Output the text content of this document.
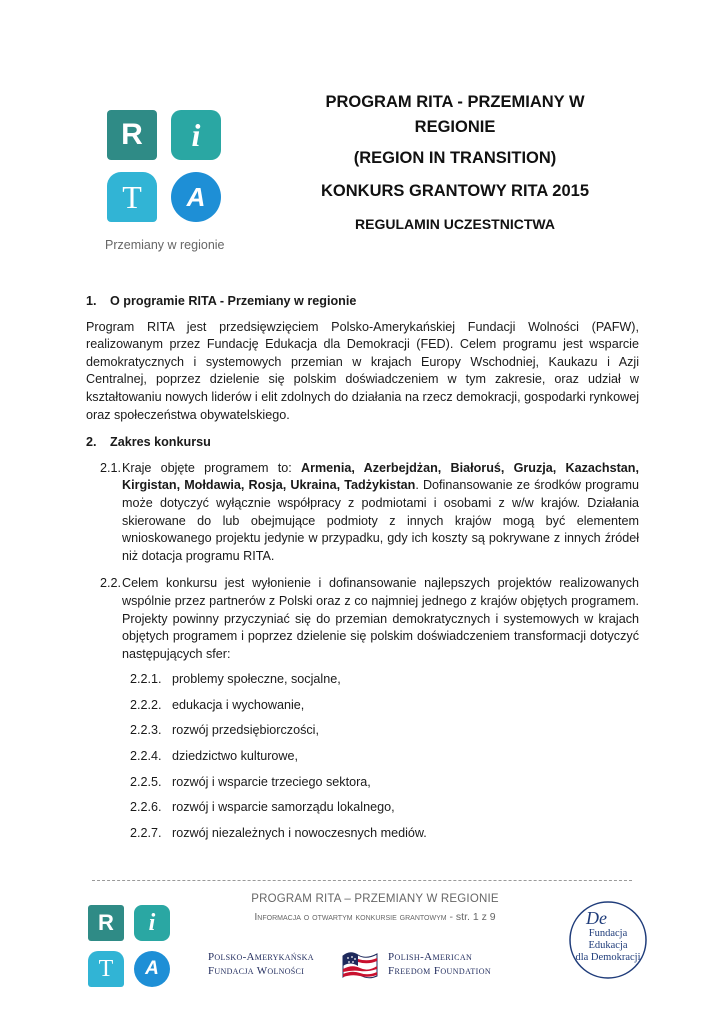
R	i
T	A
Przemiany w regionie
PROGRAM RITA - PRZEMIANY W REGIONIE
(REGION IN TRANSITION)
KONKURS GRANTOWY RITA 2015
REGULAMIN UCZESTNICTWA

1. O programie RITA - Przemiany w regionie

Program RITA jest przedsięwzięciem Polsko-Amerykańskiej Fundacji Wolności (PAFW), realizowanym przez Fundację Edukacja dla Demokracji (FED). Celem programu jest wsparcie demokratycznych i systemowych przemian w krajach Europy Wschodniej, Kaukazu i Azji Centralnej, poprzez dzielenie się polskim doświadczeniem w tym zakresie, oraz udział w kształtowaniu nowych liderów i elit zdolnych do działania na rzecz demokracji, gospodarki rynkowej oraz społeczeństwa obywatelskiego.

2. Zakres konkursu

2.1. Kraje objęte programem to: Armenia, Azerbejdżan, Białoruś, Gruzja, Kazachstan, Kirgistan, Mołdawia, Rosja, Ukraina, Tadżykistan. Dofinansowanie ze środków programu może dotyczyć wyłącznie współpracy z podmiotami i osobami z w/w krajów. Działania skierowane do lub obejmujące podmioty z innych krajów mogą być elementem wnioskowanego projektu jedynie w przypadku, gdy ich koszty są pokrywane z innych źródeł niż dotacja programu RITA.
2.2. Celem konkursu jest wyłonienie i dofinansowanie najlepszych projektów realizowanych wspólnie przez partnerów z Polski oraz z co najmniej jednego z krajów objętych programem. Projekty powinny przyczyniać się do przemian demokratycznych i systemowych w krajach objętych programem i poprzez dzielenie się polskim doświadczeniem transformacji dotyczyć następujących sfer:
2.2.1. problemy społeczne, socjalne,
2.2.2. edukacja i wychowanie,
2.2.3. rozwój przedsiębiorczości,
2.2.4. dziedzictwo kulturowe,
2.2.5. rozwój i wsparcie trzeciego sektora,
2.2.6. rozwój i wsparcie samorządu lokalnego,
2.2.7. rozwój niezależnych i nowoczesnych mediów.
R	i
T	A
PROGRAM RITA – PRZEMIANY W REGIONIE
Informacja o otwartym konkursie grantowym - str. 1 z 9
Polsko-Amerykańska
Fundacja Wolności
Polish-American
Freedom Foundation
De
Fundacja Edukacja
dla Demokracji
